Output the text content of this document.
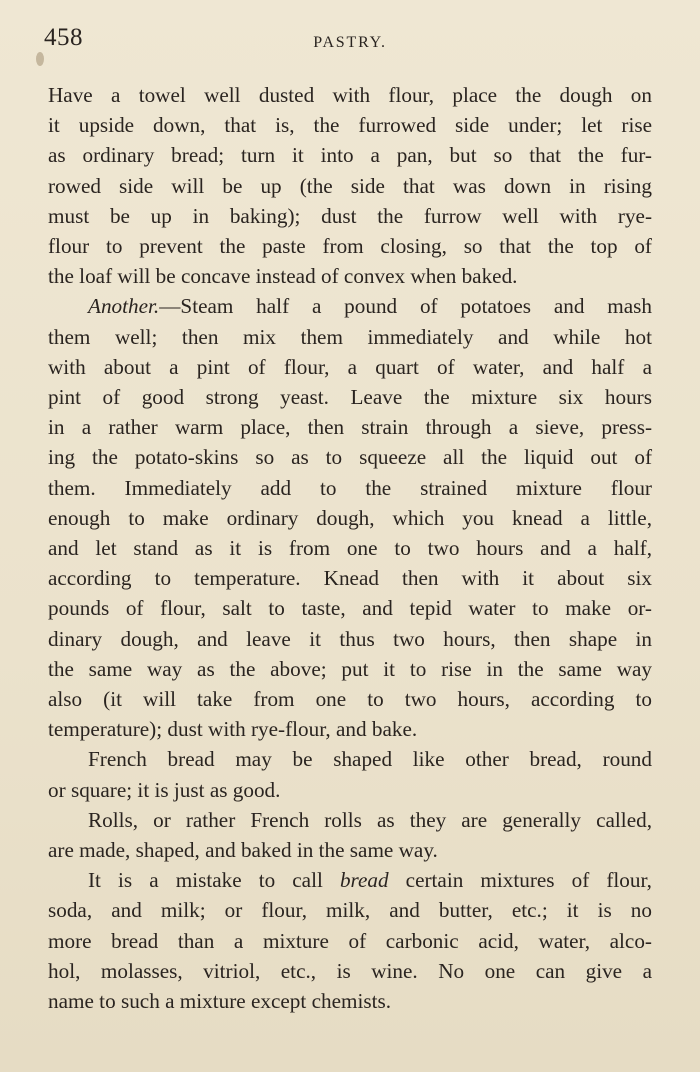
458	PASTRY.
Have a towel well dusted with flour, place the dough on
it upside down, that is, the furrowed side under; let rise
as ordinary bread; turn it into a pan, but so that the fur-
rowed side will be up (the side that was down in rising
must be up in baking); dust the furrow well with rye-
flour to prevent the paste from closing, so that the top of
the loaf will be concave instead of convex when baked.
Another.—Steam half a pound of potatoes and mash
them well; then mix them immediately and while hot
with about a pint of flour, a quart of water, and half a
pint of good strong yeast. Leave the mixture six hours
in a rather warm place, then strain through a sieve, press-
ing the potato-skins so as to squeeze all the liquid out of
them. Immediately add to the strained mixture flour
enough to make ordinary dough, which you knead a little,
and let stand as it is from one to two hours and a half,
according to temperature. Knead then with it about six
pounds of flour, salt to taste, and tepid water to make or-
dinary dough, and leave it thus two hours, then shape in
the same way as the above; put it to rise in the same way
also (it will take from one to two hours, according to
temperature); dust with rye-flour, and bake.
French bread may be shaped like other bread, round
or square; it is just as good.
Rolls, or rather French rolls as they are generally called,
are made, shaped, and baked in the same way.
It is a mistake to call bread certain mixtures of flour,
soda, and milk; or flour, milk, and butter, etc.; it is no
more bread than a mixture of carbonic acid, water, alco-
hol, molasses, vitriol, etc., is wine. No one can give a
name to such a mixture except chemists.
